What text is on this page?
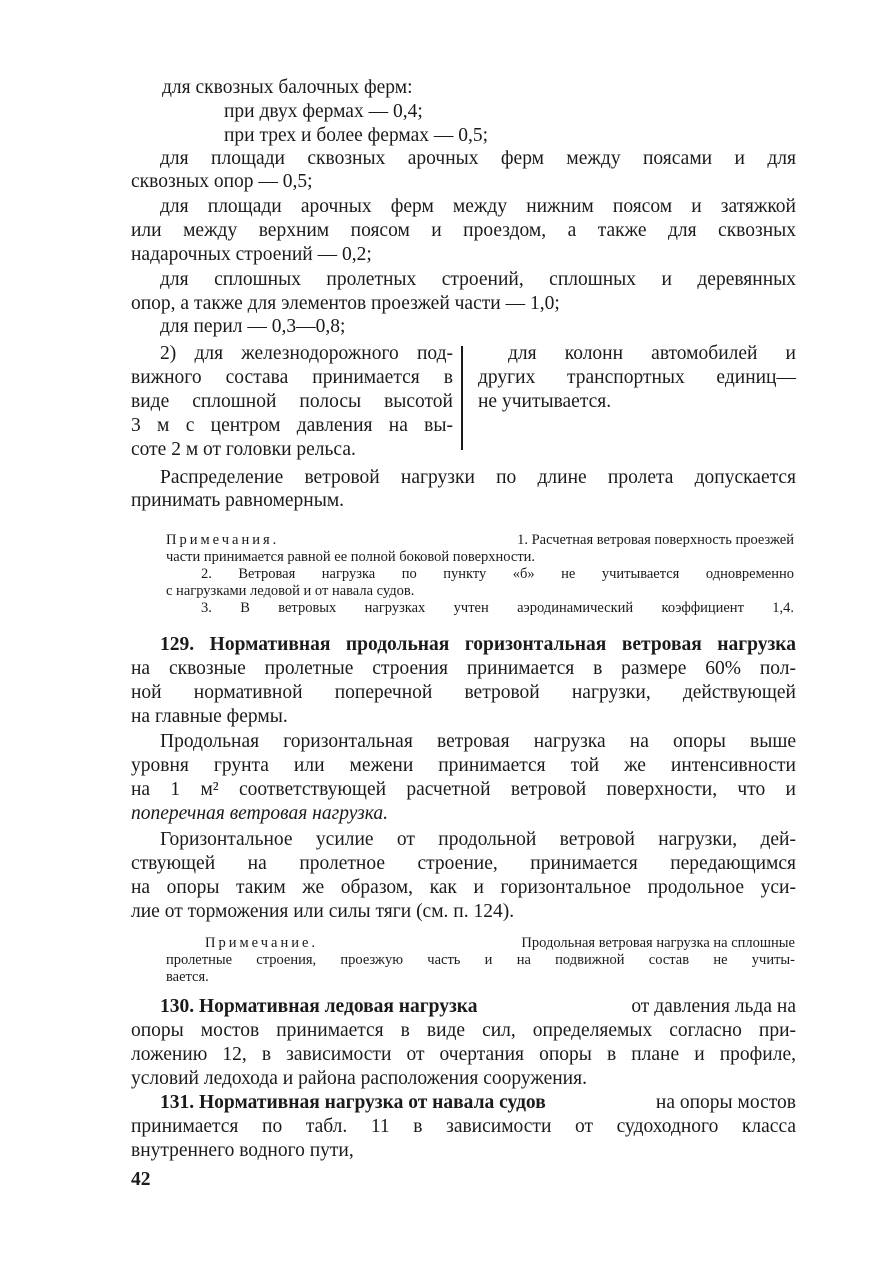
для сквозных балочных ферм:

при двух фермах — 0,4;

при трех и более фермах — 0,5;

для площади сквозных арочных ферм между поясами и для

сквозных опор — 0,5;

для площади арочных ферм между нижним поясом и затяжкой

или между верхним поясом и проездом, а также для сквозных

надарочных строений — 0,2;

для сплошных пролетных строений, сплошных и деревянных

опор, а также для элементов проезжей части — 1,0;

для перил — 0,3—0,8;

2) для железнодорожного под-

вижного состава принимается в

виде сплошной полосы высотой

3 м с центром давления на вы-

соте 2 м от головки рельса.

для колонн автомобилей и

других транспортных единиц—

не учитывается.

Распределение ветровой нагрузки по длине пролета допускается

принимать равномерным.

Примечания.	1. Расчетная ветровая поверхность проезжей

части принимается равной ее полной боковой поверхности.

2. Ветровая нагрузка по пункту «б» не учитывается одновременно

с нагрузками ледовой и от навала судов.

3. В ветровых нагрузках учтен аэродинамический коэффициент 1,4.

129. Нормативная продольная горизонтальная ветровая нагрузка

на сквозные пролетные строения принимается в размере 60% пол-

ной нормативной поперечной ветровой нагрузки, действующей

на главные фермы.

Продольная горизонтальная ветровая нагрузка на опоры выше

уровня грунта или межени принимается той же интенсивности

на 1 м² соответствующей расчетной ветровой поверхности, что и

поперечная ветровая нагрузка.

Горизонтальное усилие от продольной ветровой нагрузки, дей-

ствующей на пролетное строение, принимается передающимся

на опоры таким же образом, как и горизонтальное продольное уси-

лие от торможения или силы тяги (см. п. 124).

Примечание.	Продольная ветровая нагрузка на сплошные

пролетные строения, проезжую часть и на подвижной состав не учиты-

вается.

130. Нормативная ледовая нагрузка	от давления льда на

опоры мостов принимается в виде сил, определяемых согласно при-

ложению 12, в зависимости от очертания опоры в плане и профиле,

условий ледохода и района расположения сооружения.

131. Нормативная нагрузка от навала судов	на опоры мостов

принимается по табл. 11 в зависимости от судоходного класса

внутреннего водного пути,

42
